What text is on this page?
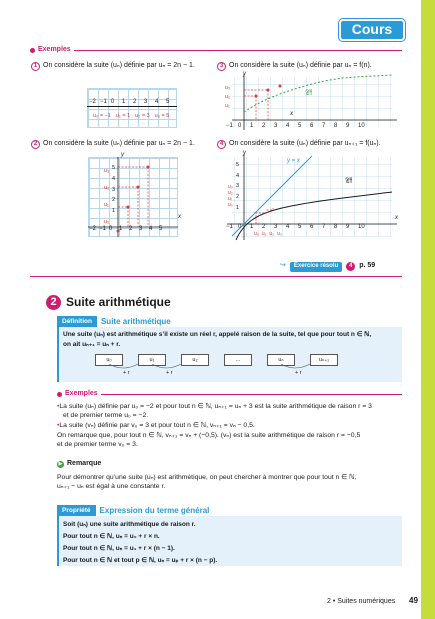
Cours
Exemples
1 On considère la suite (uₙ) définie par uₙ = 2n − 1.
−2 −1 0 1 2 3 4 5
u₀ = −1 u₁ = 1 u₂ = 3 u₃ = 5
3 On considère la suite (uₙ) définie par uₙ = f(n).
y
x
𝒞f
u₃
u₂
u₁
−1 0 1 2 3 4 5 6 7 8 9 10
2 On considère la suite (uₙ) définie par uₙ = 2n − 1.
y
x
u₃
u₂
u₁
u₀
5
4
3
2
1
−2 −1 0 1 2 3 4 5
4 On considère la suite (uₙ) définie par uₙ₊₁ = f(uₙ).
y
x
y = x
𝒞f
5
4
3
2
1
u₃
u₂
u₁
u₀
u₀ u₁ u₂ u₃
−1 0 1 2 3 4 5 6 7 8 9 10
↪	Exercice résolu	4 p. 59
2 Suite arithmétique
Définition	Suite arithmétique
Une suite (uₙ) est arithmétique s’il existe un réel r, appelé raison de la suite, tel que pour tout n ∈ ℕ,
on ait uₙ₊₁ = uₙ + r.
u₀	u₁	u₂	…	uₙ	uₙ₊₁
+ r	+ r	+ r
Exemples
•La suite (uₙ) définie par u₀ = −2 et pour tout n ∈ ℕ, uₙ₊₁ = uₙ + 3 est la suite arithmétique de raison r = 3
et de premier terme u₀ = −2.
•La suite (vₙ) définie par v₀ = 3 et pour tout n ∈ ℕ, vₙ₊₁ = vₙ − 0,5.
On remarque que, pour tout n ∈ ℕ, vₙ₊₁ = vₙ + (−0,5). (vₙ) est la suite arithmétique de raison r = −0,5
et de premier terme v₀ = 3.
▶ Remarque
Pour démontrer qu’une suite (uₙ) est arithmétique, on peut chercher à montrer que pour tout n ∈ ℕ,
uₙ₊₁ − uₙ est égal à une constante r.
Propriété	Expression du terme général
Soit (uₙ) une suite arithmétique de raison r.
Pour tout n ∈ ℕ, uₙ = u₀ + r × n.
Pour tout n ∈ ℕ, uₙ = u₁ + r × (n − 1).
Pour tout n ∈ ℕ et tout p ∈ ℕ, uₙ = uₚ + r × (n − p).
2 • Suites numériques 49
